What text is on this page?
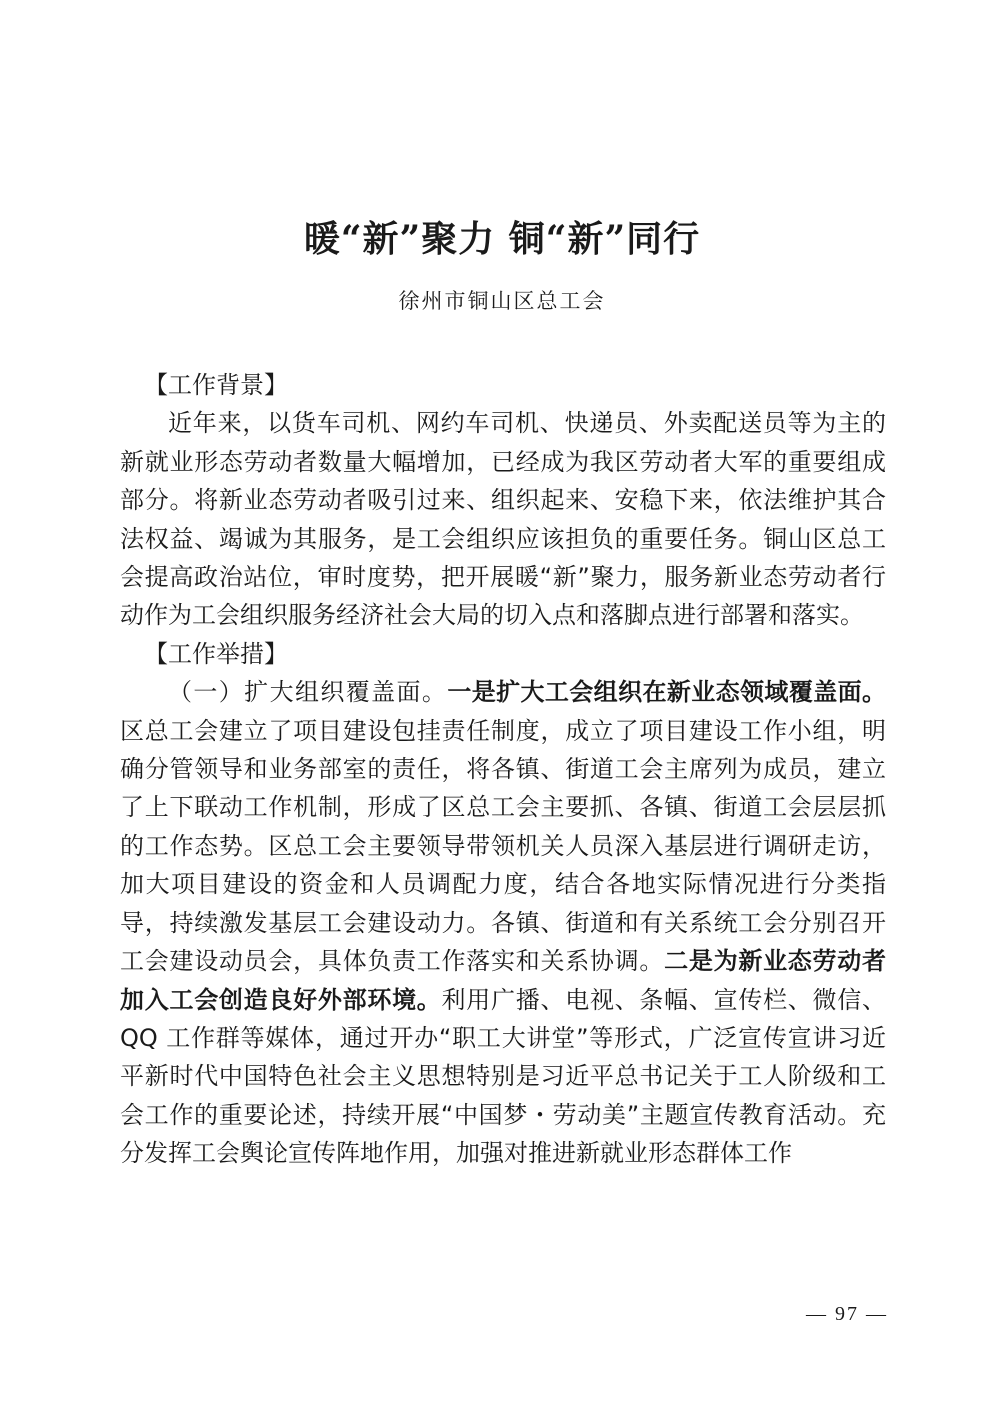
暖“新”聚力 铜“新”同行
徐州市铜山区总工会

【工作背景】

近年来，以货车司机、网约车司机、快递员、外卖配送员等为主的新就业形态劳动者数量大幅增加，已经成为我区劳动者大军的重要组成部分。将新业态劳动者吸引过来、组织起来、安稳下来，依法维护其合法权益、竭诚为其服务，是工会组织应该担负的重要任务。铜山区总工会提高政治站位，审时度势，把开展暖“新”聚力，服务新业态劳动者行动作为工会组织服务经济社会大局的切入点和落脚点进行部署和落实。

【工作举措】

（一）扩大组织覆盖面。一是扩大工会组织在新业态领域覆盖面。区总工会建立了项目建设包挂责任制度，成立了项目建设工作小组，明确分管领导和业务部室的责任，将各镇、街道工会主席列为成员，建立了上下联动工作机制，形成了区总工会主要抓、各镇、街道工会层层抓的工作态势。区总工会主要领导带领机关人员深入基层进行调研走访，加大项目建设的资金和人员调配力度，结合各地实际情况进行分类指导，持续激发基层工会建设动力。各镇、街道和有关系统工会分别召开工会建设动员会，具体负责工作落实和关系协调。二是为新业态劳动者加入工会创造良好外部环境。利用广播、电视、条幅、宣传栏、微信、QQ 工作群等媒体，通过开办“职工大讲堂”等形式，广泛宣传宣讲习近平新时代中国特色社会主义思想特别是习近平总书记关于工人阶级和工会工作的重要论述，持续开展“中国梦・劳动美”主题宣传教育活动。充分发挥工会舆论宣传阵地作用，加强对推进新就业形态群体工作

— 97 —
